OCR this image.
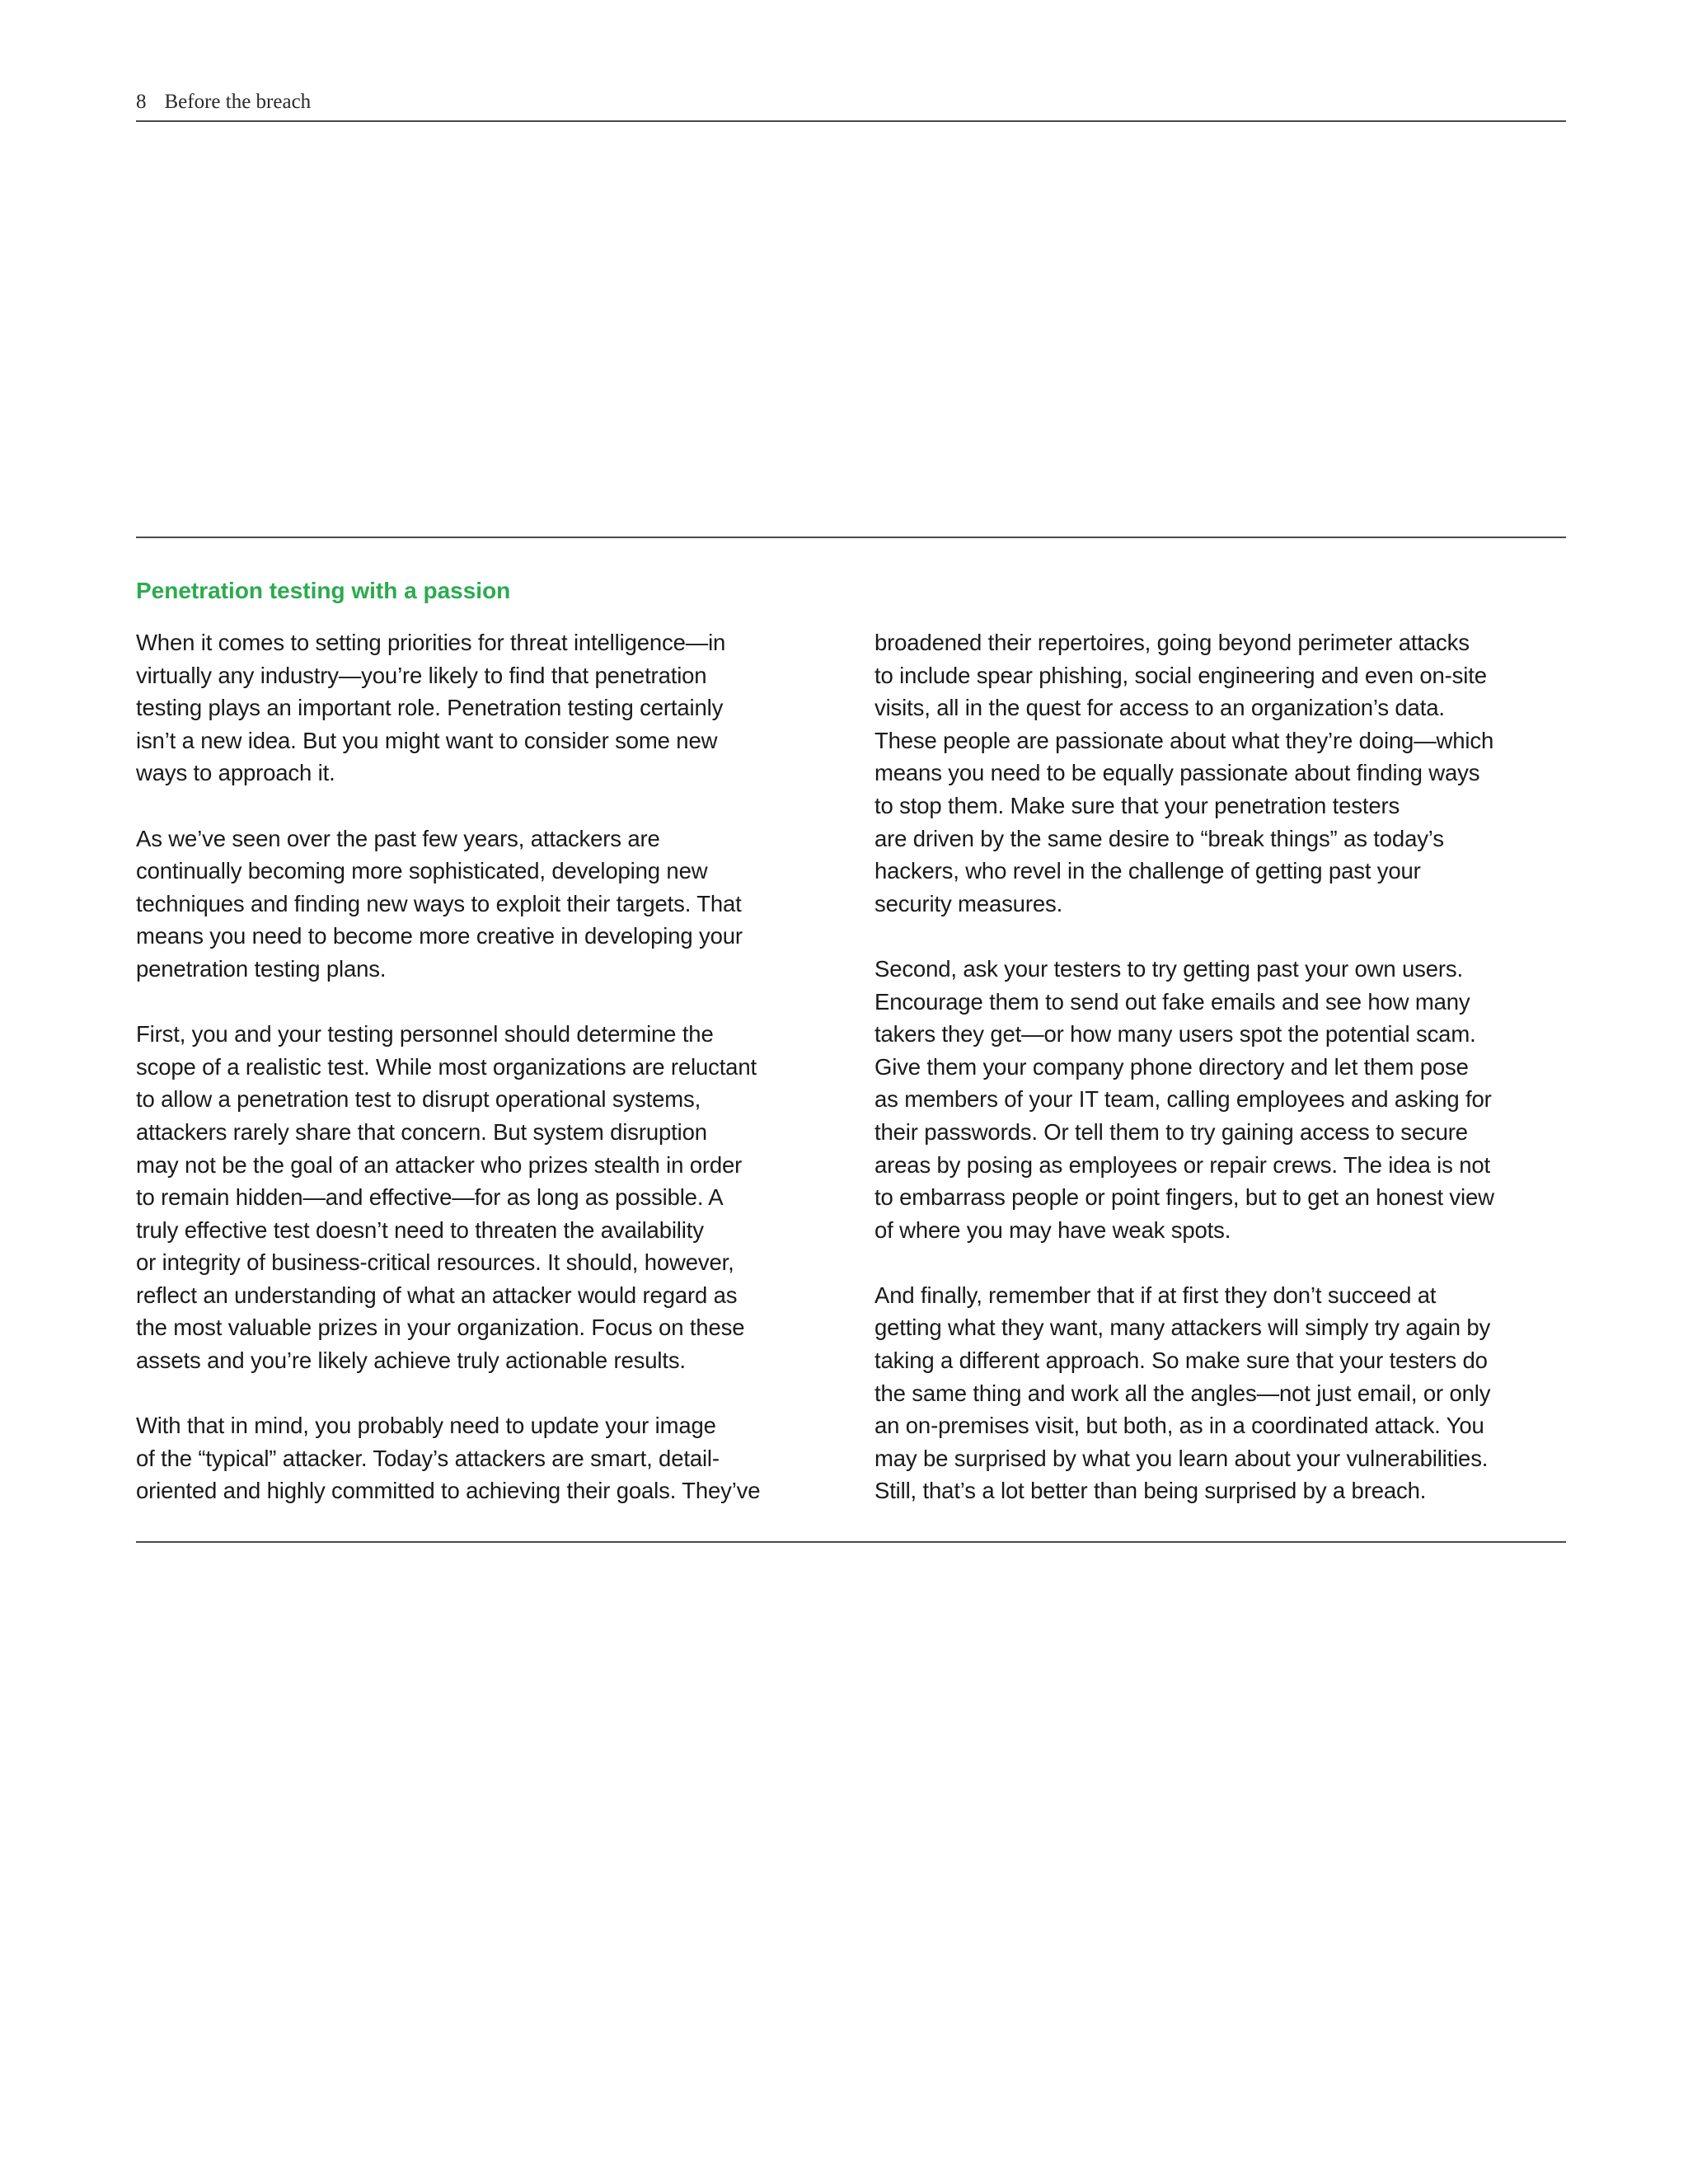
8 Before the breach
Penetration testing with a passion
When it comes to setting priorities for threat intelligence—in
virtually any industry—you’re likely to find that penetration
testing plays an important role. Penetration testing certainly
isn’t a new idea. But you might want to consider some new
ways to approach it.
As we’ve seen over the past few years, attackers are
continually becoming more sophisticated, developing new
techniques and finding new ways to exploit their targets. That
means you need to become more creative in developing your
penetration testing plans.
First, you and your testing personnel should determine the
scope of a realistic test. While most organizations are reluctant
to allow a penetration test to disrupt operational systems,
attackers rarely share that concern. But system disruption
may not be the goal of an attacker who prizes stealth in order
to remain hidden—and effective—for as long as possible. A
truly effective test doesn’t need to threaten the availability
or integrity of business-critical resources. It should, however,
reflect an understanding of what an attacker would regard as
the most valuable prizes in your organization. Focus on these
assets and you’re likely achieve truly actionable results.
With that in mind, you probably need to update your image
of the “typical” attacker. Today’s attackers are smart, detail-
oriented and highly committed to achieving their goals. They’ve
broadened their repertoires, going beyond perimeter attacks
to include spear phishing, social engineering and even on-site
visits, all in the quest for access to an organization’s data.
These people are passionate about what they’re doing—which
means you need to be equally passionate about finding ways
to stop them. Make sure that your penetration testers
are driven by the same desire to “break things” as today’s
hackers, who revel in the challenge of getting past your
security measures.
Second, ask your testers to try getting past your own users.
Encourage them to send out fake emails and see how many
takers they get—or how many users spot the potential scam.
Give them your company phone directory and let them pose
as members of your IT team, calling employees and asking for
their passwords. Or tell them to try gaining access to secure
areas by posing as employees or repair crews. The idea is not
to embarrass people or point fingers, but to get an honest view
of where you may have weak spots.
And finally, remember that if at first they don’t succeed at
getting what they want, many attackers will simply try again by
taking a different approach. So make sure that your testers do
the same thing and work all the angles—not just email, or only
an on-premises visit, but both, as in a coordinated attack. You
may be surprised by what you learn about your vulnerabilities.
Still, that’s a lot better than being surprised by a breach.
